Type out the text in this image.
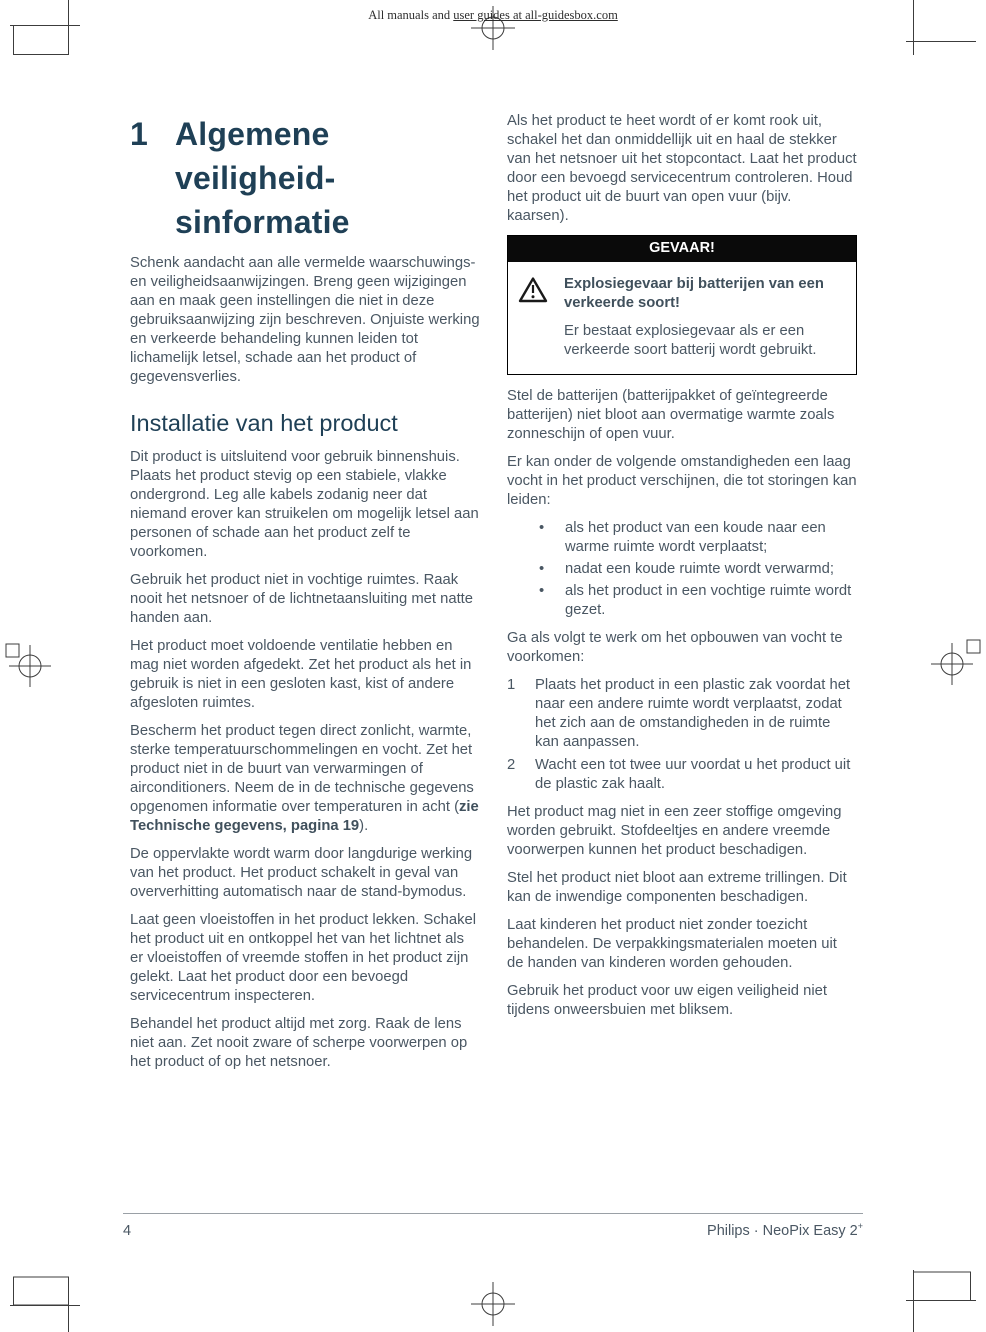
All manuals and user guides at all-guidesbox.com
1 Algemene
veiligheid-
sinformatie

Schenk aandacht aan alle vermelde waarschuwings- en veiligheidsaanwijzingen. Breng geen wijzigingen aan en maak geen instellingen die niet in deze gebruiksaanwijzing zijn beschreven. Onjuiste werking en verkeerde behandeling kunnen leiden tot lichamelijk letsel, schade aan het product of gegevensverlies.

Installatie van het product

Dit product is uitsluitend voor gebruik binnenshuis. Plaats het product stevig op een stabiele, vlakke ondergrond. Leg alle kabels zodanig neer dat niemand erover kan struikelen om mogelijk letsel aan personen of schade aan het product zelf te voorkomen.

Gebruik het product niet in vochtige ruimtes. Raak nooit het netsnoer of de lichtnetaansluiting met natte handen aan.

Het product moet voldoende ventilatie hebben en mag niet worden afgedekt. Zet het product als het in gebruik is niet in een gesloten kast, kist of andere afgesloten ruimtes.

Bescherm het product tegen direct zonlicht, warmte, sterke temperatuurschommelingen en vocht. Zet het product niet in de buurt van verwarmingen of airconditioners. Neem de in de technische gegevens opgenomen informatie over temperaturen in acht (zie Technische gegevens, pagina 19).

De oppervlakte wordt warm door langdurige werking van het product. Het product schakelt in geval van oververhitting automatisch naar de stand-bymodus.

Laat geen vloeistoffen in het product lekken. Schakel het product uit en ontkoppel het van het lichtnet als er vloeistoffen of vreemde stoffen in het product zijn gelekt. Laat het product door een bevoegd servicecentrum inspecteren.

Behandel het product altijd met zorg. Raak de lens niet aan. Zet nooit zware of scherpe voorwerpen op het product of op het netsnoer.

Als het product te heet wordt of er komt rook uit, schakel het dan onmiddellijk uit en haal de stekker van het netsnoer uit het stopcontact. Laat het product door een bevoegd servicecentrum controleren. Houd het product uit de buurt van open vuur (bijv. kaarsen).

GEVAAR!

Explosiegevaar bij batterijen van een verkeerde soort!

Er bestaat explosiegevaar als er een verkeerde soort batterij wordt gebruikt.

Stel de batterijen (batterijpakket of geïntegreerde batterijen) niet bloot aan overmatige warmte zoals zonneschijn of open vuur.

Er kan onder de volgende omstandigheden een laag vocht in het product verschijnen, die tot storingen kan leiden:

• als het product van een koude naar een warme ruimte wordt verplaatst;
• nadat een koude ruimte wordt verwarmd;
• als het product in een vochtige ruimte wordt gezet.

Ga als volgt te werk om het opbouwen van vocht te voorkomen:

1	Plaats het product in een plastic zak voordat het naar een andere ruimte wordt verplaatst, zodat het zich aan de omstandigheden in de ruimte kan aanpassen.
2	Wacht een tot twee uur voordat u het product uit de plastic zak haalt.

Het product mag niet in een zeer stoffige omgeving worden gebruikt. Stofdeeltjes en andere vreemde voorwerpen kunnen het product beschadigen.

Stel het product niet bloot aan extreme trillingen. Dit kan de inwendige componenten beschadigen.

Laat kinderen het product niet zonder toezicht behandelen. De verpakkingsmaterialen moeten uit de handen van kinderen worden gehouden.

Gebruik het product voor uw eigen veiligheid niet tijdens onweersbuien met bliksem.

4	Philips · NeoPix Easy 2+
